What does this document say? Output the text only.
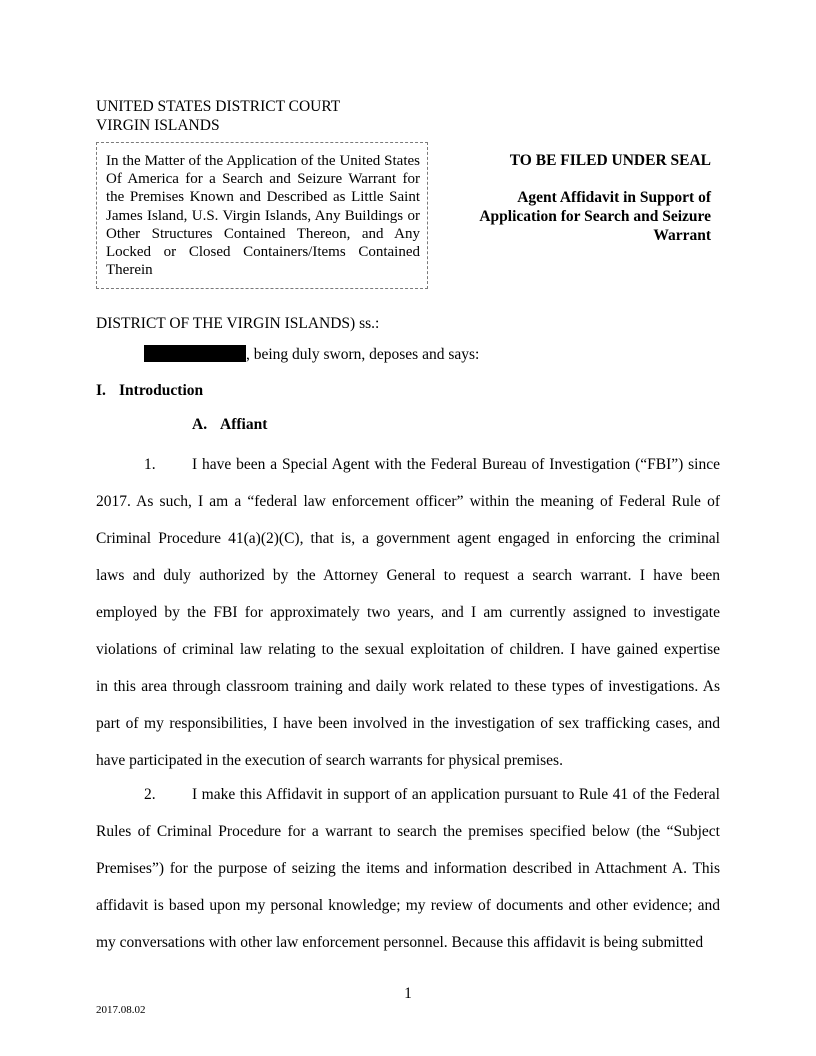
UNITED STATES DISTRICT COURT
VIRGIN ISLANDS
In the Matter of the Application of the United States Of America for a Search and Seizure Warrant for the Premises Known and Described as Little Saint James Island, U.S. Virgin Islands, Any Buildings or Other Structures Contained Thereon, and Any Locked or Closed Containers/Items Contained Therein
TO BE FILED UNDER SEAL
Agent Affidavit in Support of
Application for Search and Seizure
Warrant
DISTRICT OF THE VIRGIN ISLANDS) ss.:
, being duly sworn, deposes and says:
I. Introduction
A. Affiant
1. I have been a Special Agent with the Federal Bureau of Investigation (“FBI”) since
2017. As such, I am a “federal law enforcement officer” within the meaning of Federal Rule of
Criminal Procedure 41(a)(2)(C), that is, a government agent engaged in enforcing the criminal
laws and duly authorized by the Attorney General to request a search warrant. I have been
employed by the FBI for approximately two years, and I am currently assigned to investigate
violations of criminal law relating to the sexual exploitation of children. I have gained expertise
in this area through classroom training and daily work related to these types of investigations. As
part of my responsibilities, I have been involved in the investigation of sex trafficking cases, and
have participated in the execution of search warrants for physical premises.
2. I make this Affidavit in support of an application pursuant to Rule 41 of the Federal
Rules of Criminal Procedure for a warrant to search the premises specified below (the “Subject
Premises”) for the purpose of seizing the items and information described in Attachment A. This
affidavit is based upon my personal knowledge; my review of documents and other evidence; and
my conversations with other law enforcement personnel. Because this affidavit is being submitted
1
2017.08.02
